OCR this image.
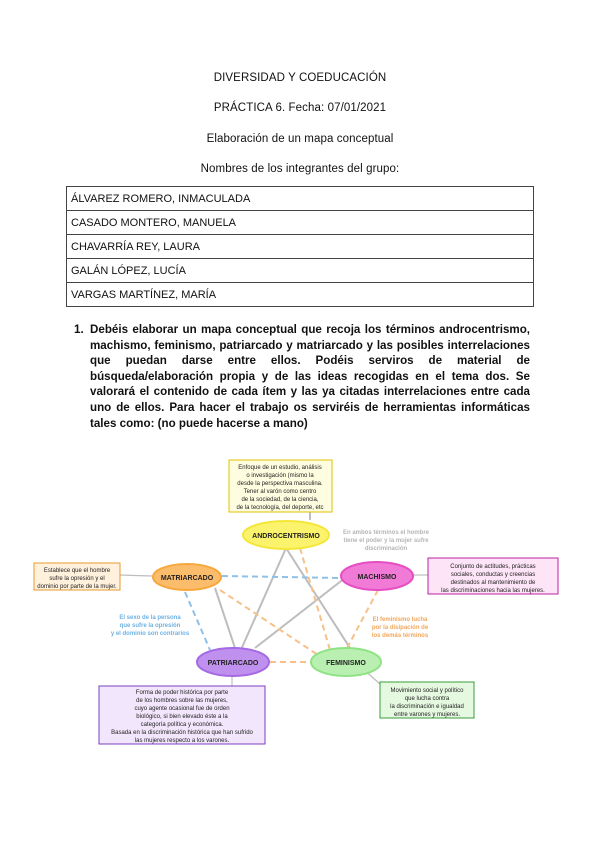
DIVERSIDAD Y COEDUCACIÓN
PRÁCTICA 6. Fecha: 07/01/2021
Elaboración de un mapa conceptual
Nombres de los integrantes del grupo:
ÁLVAREZ ROMERO, INMACULADA
CASADO MONTERO, MANUELA
CHAVARRÍA REY, LAURA
GALÁN LÓPEZ, LUCÍA
VARGAS MARTÍNEZ, MARÍA
1. Debéis elaborar un mapa conceptual que recoja los términos androcentrismo, machismo, feminismo, patriarcado y matriarcado y las posibles interrelaciones que puedan darse entre ellos. Podéis serviros de material de búsqueda/elaboración propia y de las ideas recogidas en el tema dos. Se valorará el contenido de cada ítem y las ya citadas interrelaciones entre cada uno de ellos. Para hacer el trabajo os serviréis de herramientas informáticas tales como: (no puede hacerse a mano)
Enfoque de un estudio, análisis
o investigación (mismo la
desde la perspectiva masculina.
Tener al varón como centro
de la sociedad, de la ciencia,
de la tecnología, del deporte, etc
Establece que el hombre
sufre la opresión y el
dominio por parte de la mujer.
Conjunto de actitudes, prácticas
sociales, conductas y creencias
destinados al mantenimiento de
las discriminaciones hacia las mujeres.
Forma de poder histórica por parte
de los hombres sobre las mujeres,
cuyo agente ocasional fue de orden
biológico, si bien elevado éste a la
categoría política y económica.
Basada en la discriminación histórica que han sufrido
las mujeres respecto a los varones.
Movimiento social y político
que lucha contra
la discriminación e igualdad
entre varones y mujeres.
En ambos términos el hombre
tiene el poder y la mujer sufre
discriminación
El sexo de la persona
que sufre la opresión
y el dominio son contrarios
El feminismo lucha
por la disipación de
los demás términos
ANDROCENTRISMO
MATRIARCADO	MACHISMO
PATRIARCADO	FEMINISMO
